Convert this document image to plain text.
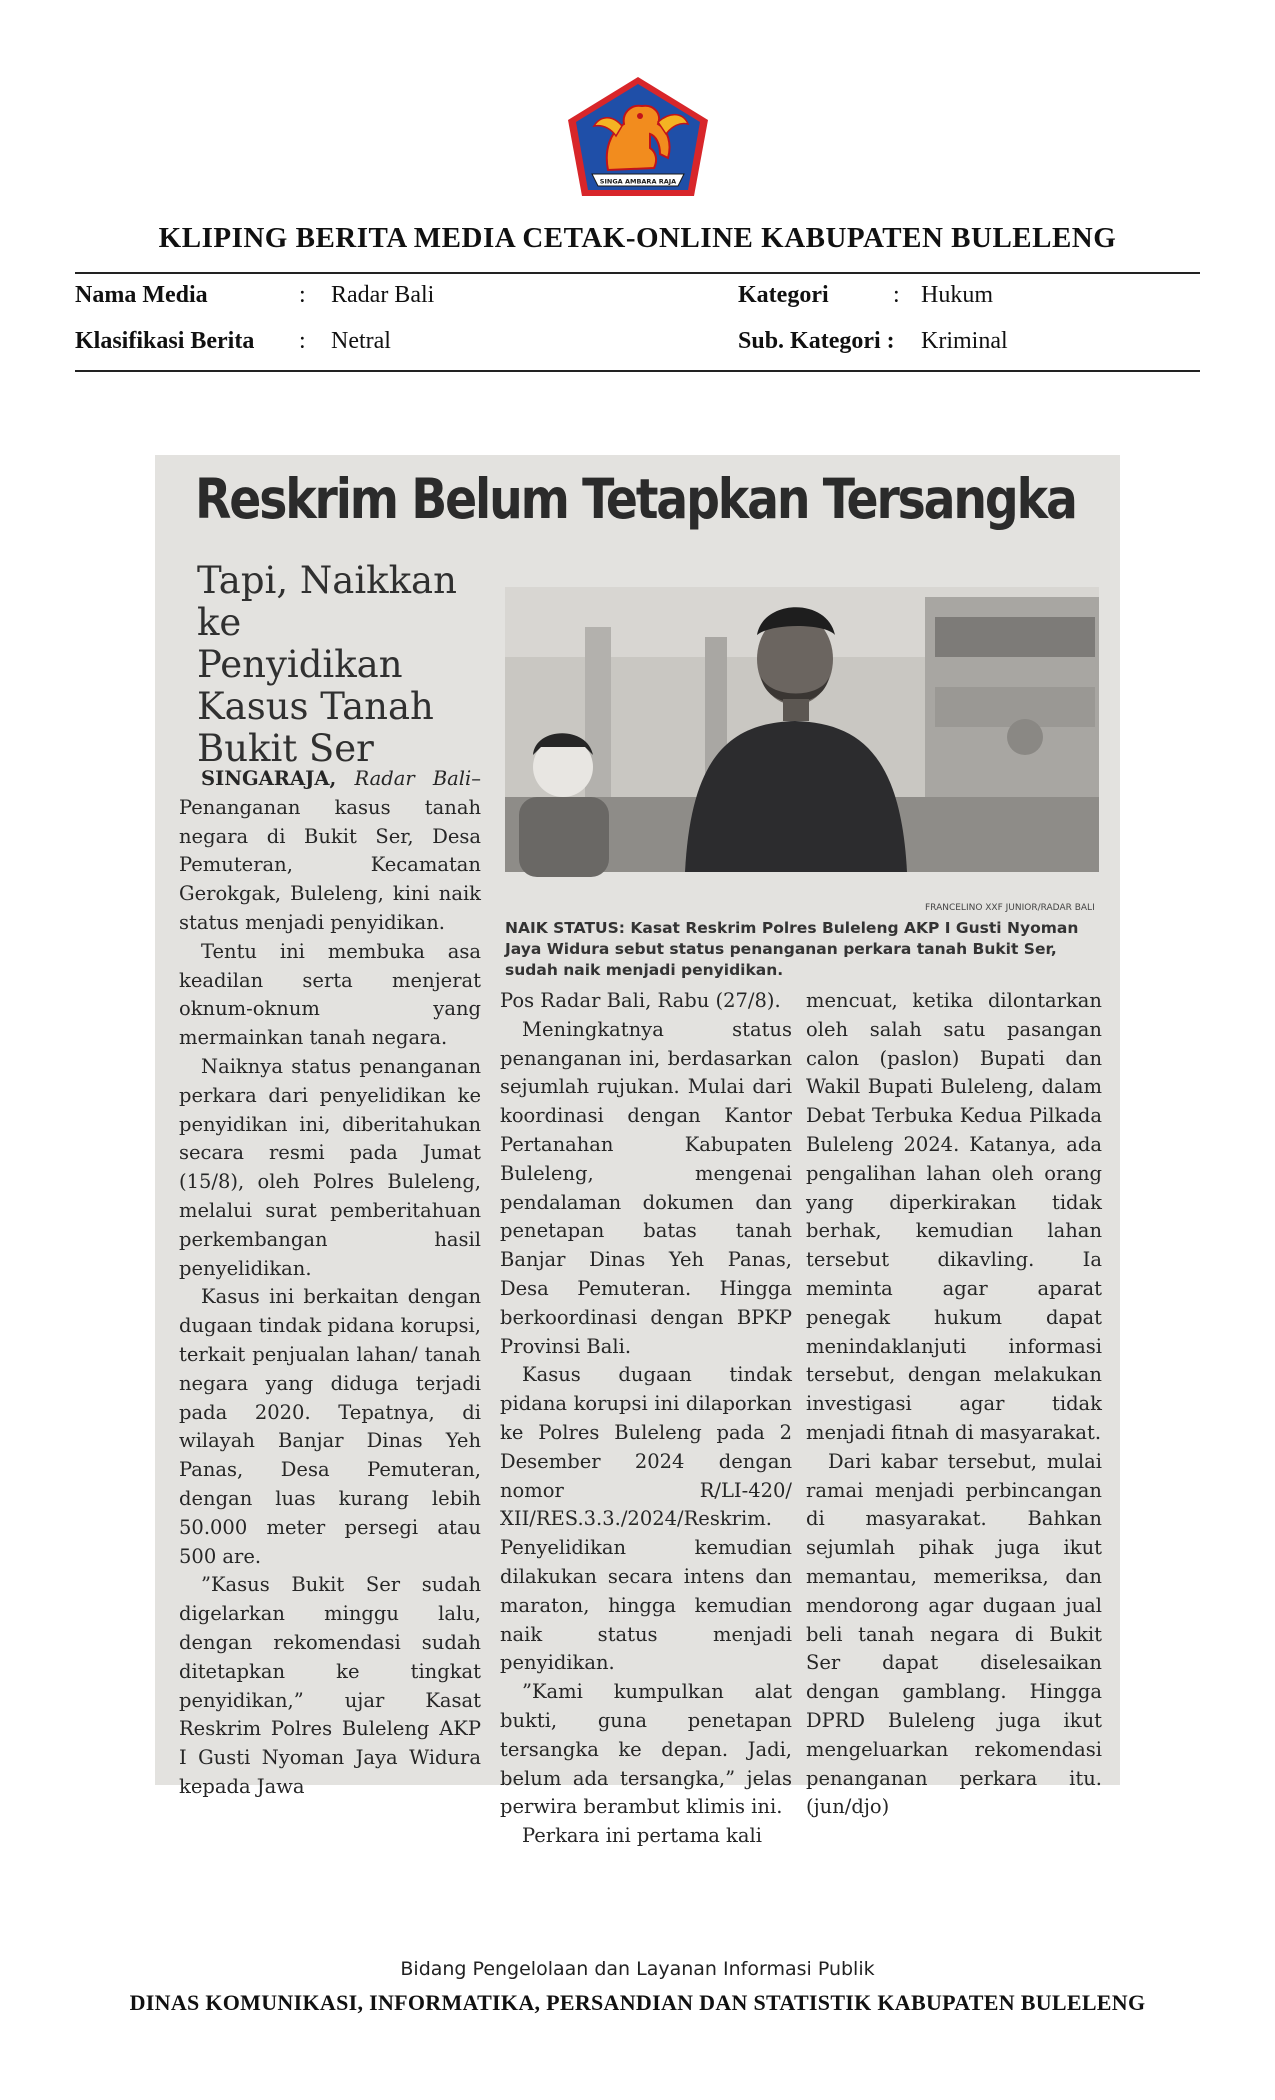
SINGA AMBARA RAJA
KLIPING BERITA MEDIA CETAK-ONLINE KABUPATEN BULELENG
Nama Media	: Radar Bali	Kategori	: Hukum
Klasifikasi Berita : Netral	Sub. Kategori : Kriminal
Reskrim Belum Tetapkan Tersangka
Tapi, Naikkan ke Penyidikan Kasus Tanah Bukit Ser
FRANCELINO XXF JUNIOR/RADAR BALI
NAIK STATUS: Kasat Reskrim Polres Buleleng AKP I Gusti Nyoman Jaya Widura sebut status penanganan perkara tanah Bukit Ser, sudah naik menjadi penyidikan.

SINGARAJA, Radar Bali–Penanganan kasus tanah negara di Bukit Ser, Desa Pemuteran, Kecamatan Gerokgak, Buleleng, kini naik status menjadi penyidikan.

Tentu ini membuka asa keadilan serta menjerat oknum-oknum yang mermainkan tanah negara.

Naiknya status penanganan perkara dari penyelidikan ke penyidikan ini, diberitahukan secara resmi pada Jumat (15/8), oleh Polres Buleleng, melalui surat pemberitahuan perkembangan hasil penyelidikan.

Kasus ini berkaitan dengan dugaan tindak pidana korupsi, terkait penjualan lahan/ tanah negara yang diduga terjadi pada 2020. Tepatnya, di wilayah Banjar Dinas Yeh Panas, Desa Pemuteran, dengan luas kurang lebih 50.000 meter persegi atau 500 are.

”Kasus Bukit Ser sudah digelarkan minggu lalu, dengan rekomendasi sudah ditetapkan ke tingkat penyidikan,” ujar Kasat Reskrim Polres Buleleng AKP I Gusti Nyoman Jaya Widura kepada Jawa

Pos Radar Bali, Rabu (27/8).

Meningkatnya status penanganan ini, berdasarkan sejumlah rujukan. Mulai dari koordinasi dengan Kantor Pertanahan Kabupaten Buleleng, mengenai pendalaman dokumen dan penetapan batas tanah Banjar Dinas Yeh Panas, Desa Pemuteran. Hingga berkoordinasi dengan BPKP Provinsi Bali.

Kasus dugaan tindak pidana korupsi ini dilaporkan ke Polres Buleleng pada 2 Desember 2024 dengan nomor R/LI-420/ XII/RES.3.3./2024/Reskrim. Penyelidikan kemudian dilakukan secara intens dan maraton, hingga kemudian naik status menjadi penyidikan.

”Kami kumpulkan alat bukti, guna penetapan tersangka ke depan. Jadi, belum ada tersangka,” jelas perwira berambut klimis ini.

Perkara ini pertama kali

mencuat, ketika dilontarkan oleh salah satu pasangan calon (paslon) Bupati dan Wakil Bupati Buleleng, dalam Debat Terbuka Kedua Pilkada Buleleng 2024. Katanya, ada pengalihan lahan oleh orang yang diperkirakan tidak berhak, kemudian lahan tersebut dikavling. Ia meminta agar aparat penegak hukum dapat menindaklanjuti informasi tersebut, dengan melakukan investigasi agar tidak menjadi fitnah di masyarakat.

Dari kabar tersebut, mulai ramai menjadi perbincangan di masyarakat. Bahkan sejumlah pihak juga ikut memantau, memeriksa, dan mendorong agar dugaan jual beli tanah negara di Bukit Ser dapat diselesaikan dengan gamblang. Hingga DPRD Buleleng juga ikut mengeluarkan rekomendasi penanganan perkara itu. (jun/djo)

Bidang Pengelolaan dan Layanan Informasi Publik
DINAS KOMUNIKASI, INFORMATIKA, PERSANDIAN DAN STATISTIK KABUPATEN BULELENG
